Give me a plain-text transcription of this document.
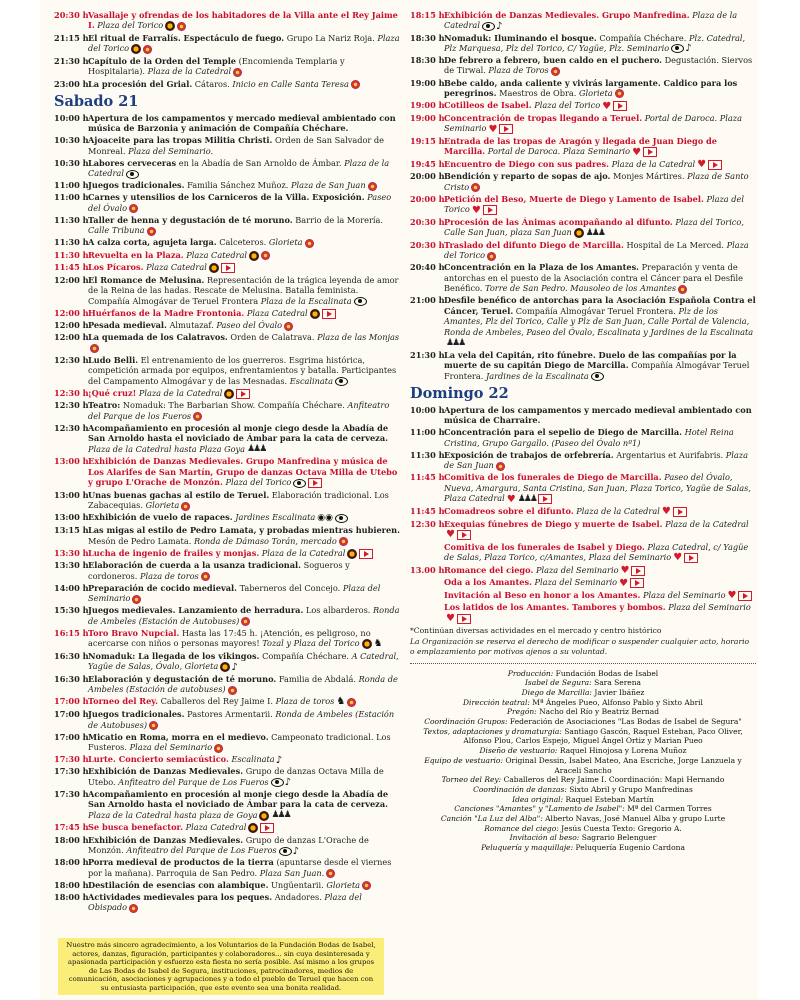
20:30 h Vasallaje y ofrendas de los habitadores de la Villa ante el Rey Jaime I. Plaza del Torico
21:15 h El ritual de Farralís. Espectáculo de fuego. Grupo La Nariz Roja. Plaza del Torico
21:30 h Capítulo de la Orden del Temple (Encomienda Templaria y Hospitalaria). Plaza de la Catedral
23:00 h La procesión del Grial. Cátaros. Inicio en Calle Santa Teresa
Sabado 21
10:00 h Apertura de los campamentos y mercado medieval ambientado con música de Barzonia y animación de Compañía Chéchare.
10:30 h Ajoaceite para las tropas Militia Christi. Orden de San Salvador de Monreal. Plaza del Seminario.
10:30 h Labores cerveceras en la Abadía de San Arnoldo de Ámbar. Plaza de la Catedral
11:00 h Juegos tradicionales. Familia Sánchez Muñoz. Plaza de San Juan
11:00 h Carnes y utensilios de los Carniceros de la Villa. Exposición. Paseo del Óvalo
11:30 h Taller de henna y degustación de té moruno. Barrio de la Morería. Calle Tribuna
11:30 h A calza corta, agujeta larga. Calceteros. Glorieta
11:30 h Revuelta en la Plaza. Plaza Catedral
11:45 h Los Pícaros. Plaza Catedral
12:00 h El Romance de Melusina. Representación de la trágica leyenda de amor de la Reina de las hadas. Rescate de Melusina. Batalla feminista. Compañía Almogávar de Teruel Frontera Plaza de la Escalinata
12:00 h Huérfanos de la Madre Frontonia. Plaza Catedral
12:00 h Pesada medieval. Almutazaf. Paseo del Óvalo
12:00 h La quemada de los Calatravos. Orden de Calatrava. Plaza de las Monjas
12:30 h Ludo Belli. El entrenamiento de los guerreros. Esgrima histórica, competición armada por equipos, enfrentamientos y batalla. Participantes del Campamento Almogávar y de las Mesnadas. Escalinata
12:30 h ¡Qué cruz! Plaza de la Catedral
12:30 h Teatro: Nomaduk: The Barbarian Show. Compañía Chéchare. Anfiteatro del Parque de los Fueros
12:30 h Acompañamiento en procesión al monje ciego desde la Abadía de San Arnoldo hasta el noviciado de Ámbar para la cata de cerveza. Plaza de la Catedral hasta Plaza Goya ♟♟♟
13:00 h Exhibición de Danzas Medievales. Grupo Manfredina y música de Los Alarifes de San Martín, Grupo de danzas Octava Milla de Utebo y grupo L'Orache de Monzón. Plaza del Torico
13:00 h Unas buenas gachas al estilo de Teruel. Elaboración tradicional. Los Zabacequias. Glorieta
13:00 h Exhibición de vuelo de rapaces. Jardines Escalinata ◉◉
13:15 h Las migas al estilo de Pedro Lamata, y probadas mientras hubieren. Mesón de Pedro Lamata. Ronda de Dámaso Torán, mercado
13:30 h Lucha de ingenio de frailes y monjas. Plaza de la Catedral
13:30 h Elaboración de cuerda a la usanza tradicional. Sogueros y cordoneros. Plaza de toros
14:00 h Preparación de cocido medieval. Taberneros del Concejo. Plaza del Seminario
15:30 h Juegos medievales. Lanzamiento de herradura. Los albarderos. Ronda de Ambeles (Estación de Autobuses)
16:15 h Toro Bravo Nupcial. Hasta las 17:45 h. ¡Atención, es peligroso, no acercarse con niños o personas mayores! Tozal y Plaza del Torico ♞
16:30 h Nomaduk: La llegada de los vikingos. Compañía Chéchare. A Catedral, Yagüe de Salas, Óvalo, Glorieta ♪
16:30 h Elaboración y degustación de té moruno. Familia de Abdalá. Ronda de Ambeles (Estación de autobuses)
17:00 h Torneo del Rey. Caballeros del Rey Jaime I. Plaza de toros ♞
17:00 h Juegos tradicionales. Pastores Armentarii. Ronda de Ambeles (Estación de Autobuses)
17:00 h Micatio en Roma, morra en el medievo. Campeonato tradicional. Los Fusteros. Plaza del Seminario
17:30 h Lurte. Concierto semiacústico. Escalinata♪
17:30 h Exhibición de Danzas Medievales. Grupo de danzas Octava Milla de Utebo. Anfiteatro del Parque de Los Fueros ♪
17:30 h Acompañamiento en procesión al monje ciego desde la Abadía de San Arnoldo hasta el noviciado de Ámbar para la cata de cerveza. Plaza de la Catedral hasta plaza de Goya ♟♟♟
17:45 h Se busca benefactor. Plaza Catedral
18:00 h Exhibición de Danzas Medievales. Grupo de danzas L'Orache de Monzón. Anfiteatro del Parque de Los Fueros ♪
18:00 h Porra medieval de productos de la tierra (apuntarse desde el viernes por la mañana). Parroquia de San Pedro. Plaza San Juan.
18:00 h Destilación de esencias con alambique. Ungüentarii. Glorieta
18:00 h Actividades medievales para los peques. Andadores. Plaza del Obispado
18:15 h Exhibición de Danzas Medievales. Grupo Manfredina. Plaza de la Catedral ♪
18:30 h Nomaduk: Iluminando el bosque. Compañía Chéchare. Plz. Catedral, Plz Marquesa, Plz del Torico, C/ Yagüe, Plz. Seminario ♪
18:30 h De febrero a febrero, buen caldo en el puchero. Degustación. Siervos de Tirwal. Plaza de Toros
19:00 h Bebe caldo, anda caliente y vivirás largamente. Caldico para los peregrinos. Maestros de Obra. Glorieta
19:00 h Cotilleos de Isabel. Plaza del Torico ♥
19:00 h Concentración de tropas llegando a Teruel. Portal de Daroca. Plaza Seminario ♥
19:15 h Entrada de las tropas de Aragón y llegada de Juan Diego de Marcilla. Portal de Daroca. Plaza Seminario ♥
19:45 h Encuentro de Diego con sus padres. Plaza de la Catedral ♥
20:00 h Bendición y reparto de sopas de ajo. Monjes Mártires. Plaza de Santo Cristo
20:00 h Petición del Beso, Muerte de Diego y Lamento de Isabel. Plaza del Torico ♥
20:30 h Procesión de las Ánimas acompañando al difunto. Plaza del Torico, Calle San Juan, plaza San Juan ♟♟♟
20:30 h Traslado del difunto Diego de Marcilla. Hospital de La Merced. Plaza del Torico
20:40 h Concentración en la Plaza de los Amantes. Preparación y venta de antorchas en el puesto de la Asociación contra el Cáncer para el Desfile Benéfico. Torre de San Pedro. Mausoleo de los Amantes
21:00 h Desfile benéfico de antorchas para la Asociación Española Contra el Cáncer, Teruel. Compañía Almogávar Teruel Frontera. Plz de los Amantes, Plz del Torico, Calle y Plz de San Juan, Calle Portal de Valencia, Ronda de Ambeles, Paseo del Óvalo, Escalinata y Jardines de la Escalinata♟♟♟
21:30 h La vela del Capitán, rito fúnebre. Duelo de las compañías por la muerte de su capitán Diego de Marcilla. Compañía Almogávar Teruel Frontera. Jardines de la Escalinata
Domingo 22
10:00 h Apertura de los campamentos y mercado medieval ambientado con música de Charraire.
11:00 h Concentración para el sepelio de Diego de Marcilla. Hotel Reina Cristina, Grupo Gargallo. (Paseo del Óvalo nº1)
11:30 h Exposición de trabajos de orfebrería. Argentarius et Aurifabris. Plaza de San Juan
11:45 h Comitiva de los funerales de Diego de Marcilla. Paseo del Óvalo, Nueva, Amargura, Santa Cristina, San Juan, Plaza Torico, Yagüe de Salas, Plaza Catedral ♥ ♟♟♟
11:45 h Comadreos sobre el difunto. Plaza de la Catedral ♥
12:30 h Exequias fúnebres de Diego y muerte de Isabel. Plaza de la Catedral♥
Comitiva de los funerales de Isabel y Diego. Plaza Catedral, c/ Yagüe de Salas, Plaza Torico, c/Amantes, Plaza del Seminario ♥
13.00 h Romance del ciego. Plaza del Seminario ♥
Oda a los Amantes. Plaza del Seminario ♥
Invitación al Beso en honor a los Amantes. Plaza del Seminario ♥
Los latidos de los Amantes. Tambores y bombos. Plaza del Seminario♥
*Continúan diversas actividades en el mercado y centro histórico
La Organización se reserva el derecho de modificar o suspender cualquier acto, horario o emplazamiento por motivos ajenos a su voluntad.
Producción: Fundación Bodas de Isabel
Isabel de Segura: Sara Serena
Diego de Marcilla: Javier Ibáñez
Dirección teatral: Mª Ángeles Pueo, Alfonso Pablo y Sixto Abril
Pregón: Nacho del Río y Beatriz Bernad
Coordinación Grupos: Federación de Asociaciones "Las Bodas de Isabel de Segura"
Textos, adaptaciones y dramaturgia: Santiago Gascón, Raquel Esteban, Paco Oliver, Alfonso Plou, Carlos Espejo, Miguel Ángel Ortiz y Marian Pueo
Diseño de vestuario: Raquel Hinojosa y Lorena Muñoz
Equipo de vestuario: Original Dessin, Isabel Mateo, Ana Escriche, Jorge Lanzuela y Araceli Sancho
Torneo del Rey: Caballeros del Rey Jaime I. Coordinación: Mapi Hernando
Coordinación de danzas: Sixto Abril y Grupo Manfredinas
Idea original: Raquel Esteban Martín
Canciones "Amantes" y "Lamento de Isabel": Mª del Carmen Torres
Canción "La Luz del Alba": Alberto Navas, José Manuel Alba y grupo Lurte
Romance del ciego: Jesús Cuesta Texto: Gregorio A.
Invitación al beso: Sagrario Belenguer
Peluquería y maquillaje: Peluquería Eugenio Cardona
Nuestro más sincero agradecimiento, a los Voluntarios de la Fundación Bodas de Isabel, actores, danzas, figuración, participantes y colaboradores... sin cuya desinteresada y apasionada participación y esfuerzo esta fiesta no sería posible. Así mismo a los grupos de Las Bodas de Isabel de Segura, instituciones, patrocinadores, medios de comunicación, asociaciones y agrupaciones y a todo el pueblo de Teruel que hacen con su entusiasta participación, que este evento sea una bonita realidad.
